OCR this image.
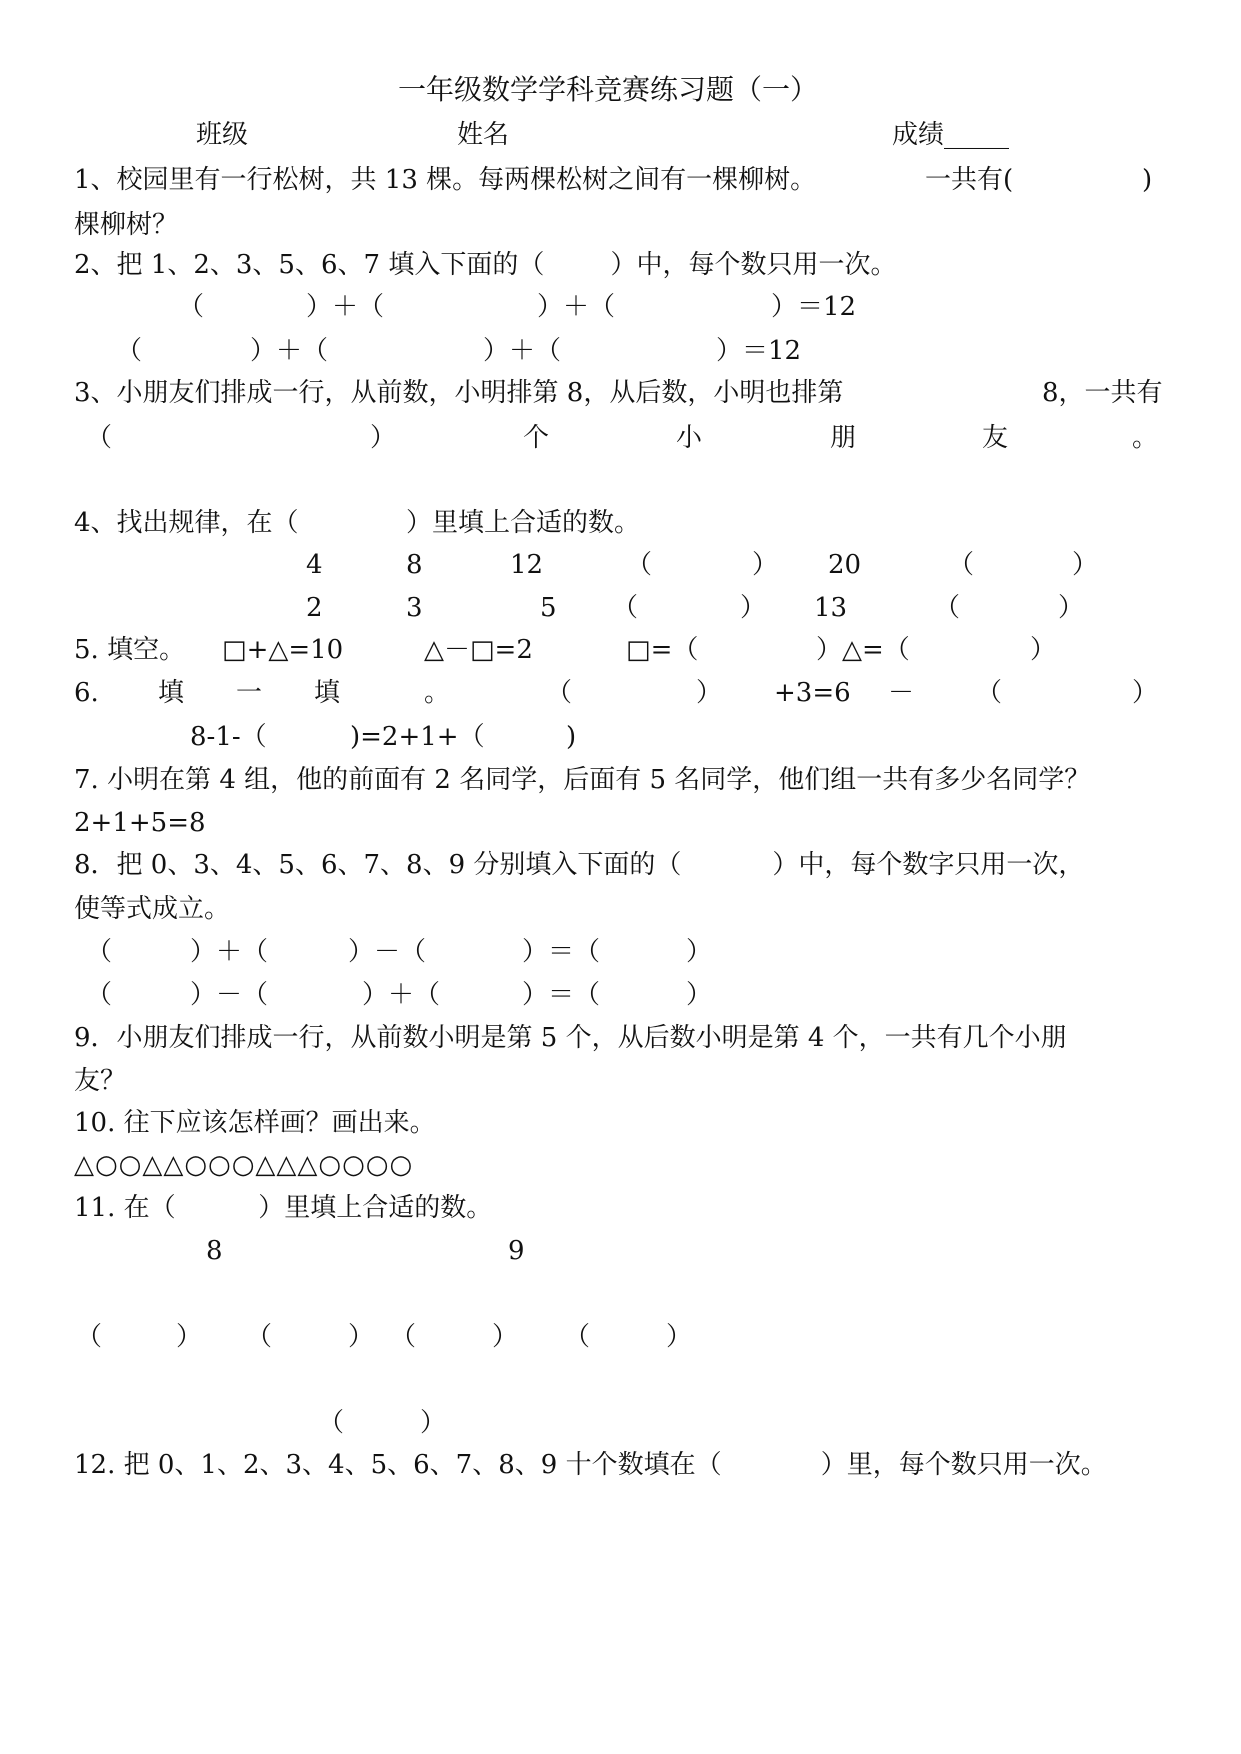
一年级数学学科竞赛练习题（一）
班级	姓名	成绩_____
1、校园里有一行松树，共 13 棵。每两棵松树之间有一棵柳树。	一共有(	)
棵柳树？
2、把 1、2、3、5、6、7 填入下面的（        ）中，每个数只用一次。
（	）＋（	）＋（	）＝12
（	）＋（	）＋（	）＝12
3、小朋友们排成一行，从前数，小明排第 8，从后数，小明也排第	8，一共有
（	）	个	小	朋	友	。
4、找出规律，在（             ）里填上合适的数。
4	8	12	（	） 20	（	）
2	3	5 （	） 13	（	）
5. 填空。 □+△=10	△－□=2	□=（	）△=（	）
6. 填 一 填	。	（	） +3=6 － （	）
8-1-（	)=2+1+（	)
7. 小明在第 4 组，他的前面有 2 名同学，后面有 5 名同学，他们组一共有多少名同学？
2+1+5=8
8．把 0、3、4、5、6、7、8、9 分别填入下面的（           ）中，每个数字只用一次，
使等式成立。
（	）＋（	）－（	）＝（	）
（	）－（	）＋（	）＝（	）
9．小朋友们排成一行，从前数小明是第 5 个，从后数小明是第 4 个，一共有几个小朋
友？
10. 往下应该怎样画？画出来。
△○○△△○○○△△△○○○○
11. 在（          ）里填上合适的数。
8	9
（	） （	） （	） （	）
（	）
12. 把 0、1、2、3、4、5、6、7、8、9 十个数填在（            ）里，每个数只用一次。
